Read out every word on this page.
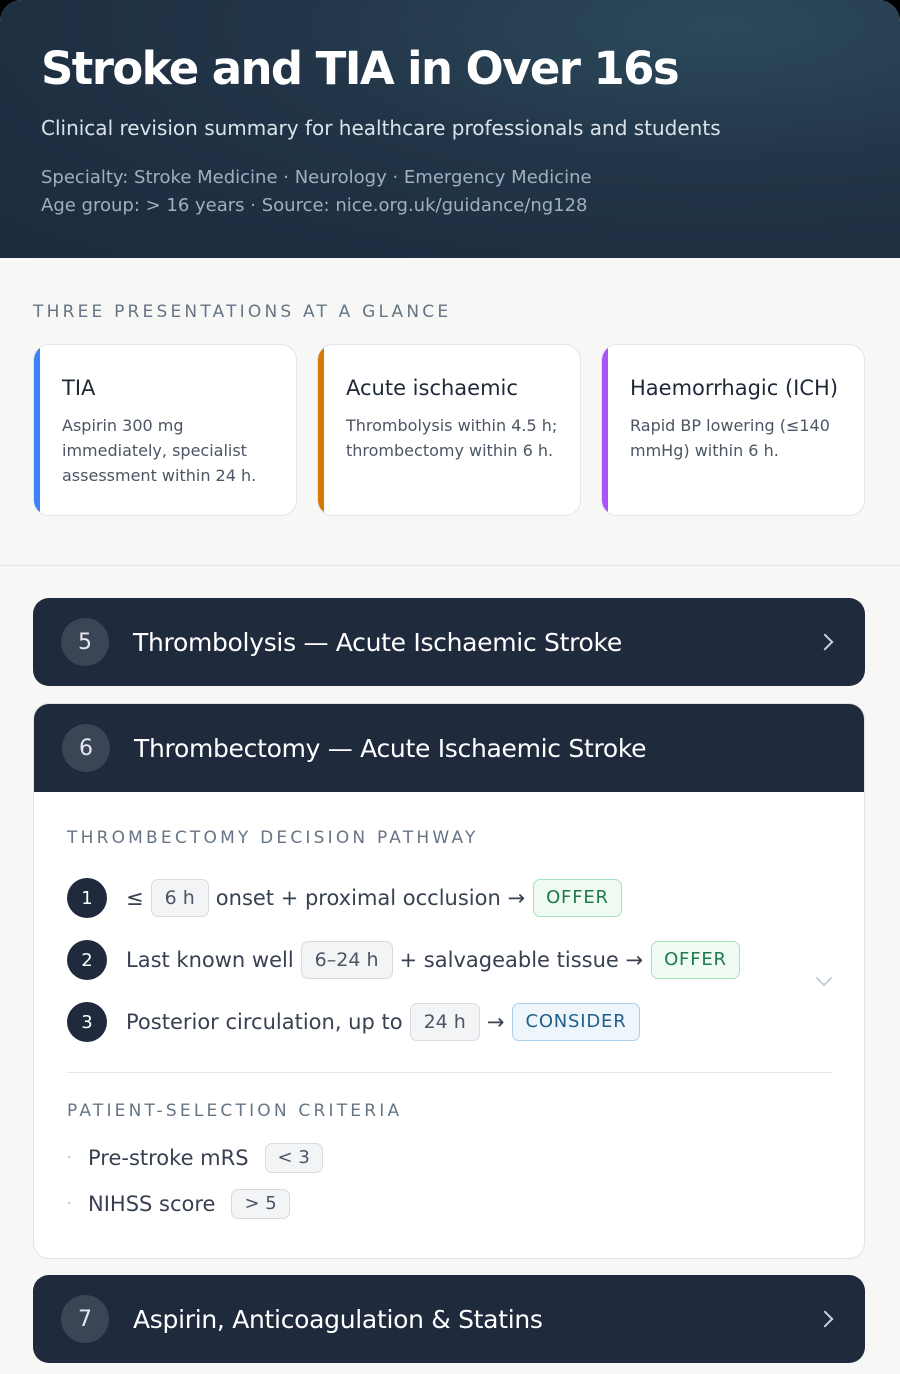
Stroke and TIA in Over 16s

Clinical revision summary for healthcare professionals and students

Specialty: Stroke Medicine · Neurology · Emergency Medicine
Age group: > 16 years · Source: nice.org.uk/guidance/ng128
THREE PRESENTATIONS AT A GLANCE
TIA
Aspirin 300 mg immediately, specialist assessment within 24 h.
Acute ischaemic
Thrombolysis within 4.5 h; thrombectomy within 6 h.
Haemorrhagic (ICH)
Rapid BP lowering (≤140 mmHg) within 6 h.
5	Thrombolysis — Acute Ischaemic Stroke
6	Thrombectomy — Acute Ischaemic Stroke
THROMBECTOMY DECISION PATHWAY
1	≤	6 h	onset + proximal occlusion →	OFFER
2	Last known well	6–24 h	+ salvageable tissue →	OFFER
3	Posterior circulation, up to	24 h	→	CONSIDER
PATIENT-SELECTION CRITERIA
· Pre-stroke mRS	< 3
· NIHSS score	> 5
7	Aspirin, Anticoagulation & Statins
